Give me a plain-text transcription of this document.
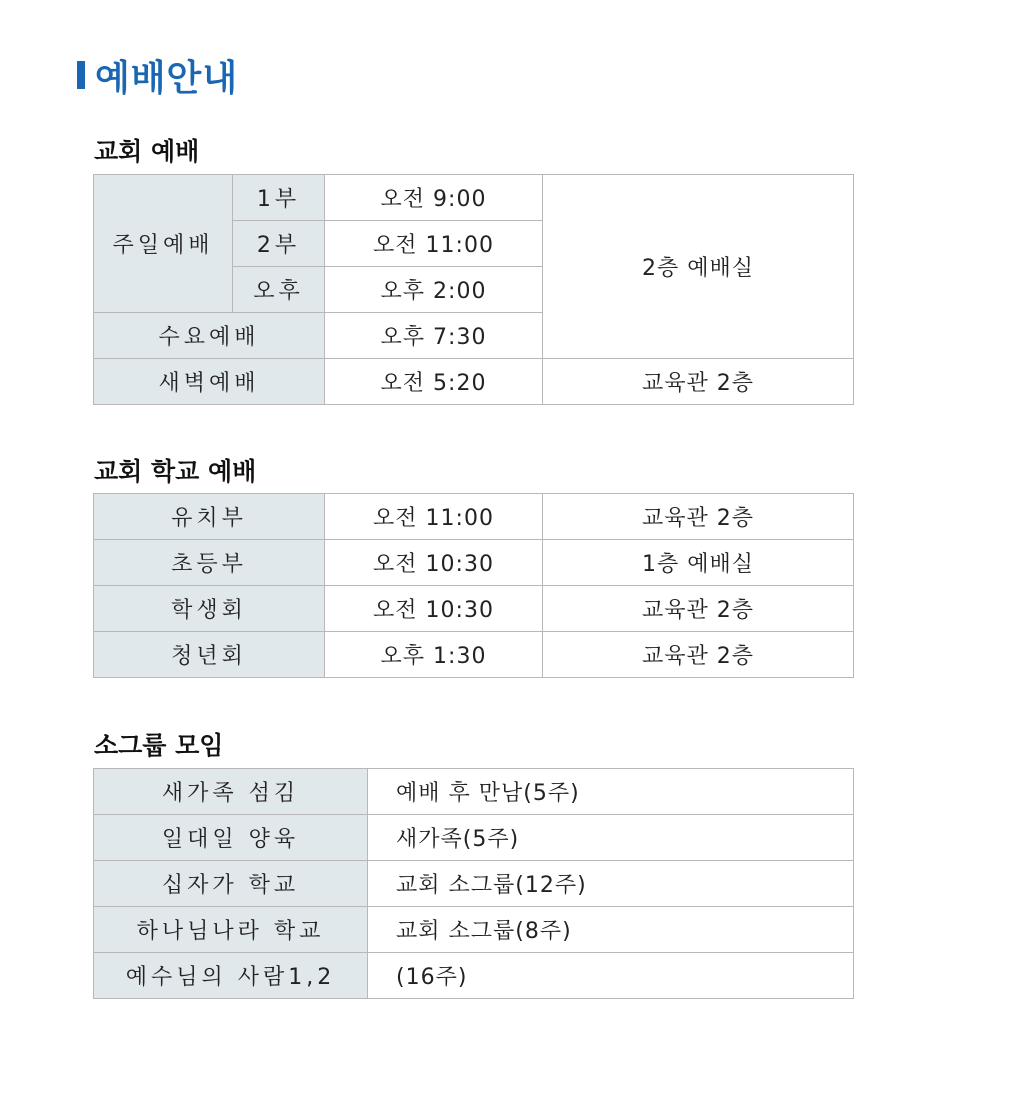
예배안내
교회 예배
주일예배	1부	오전 9:00	2층 예배실
	2부	오전 11:00	
	오후	오후 2:00	
수요예배		오후 7:30	
새벽예배		오전 5:20	교육관 2층
교회 학교 예배
유치부	오전 11:00	교육관 2층
초등부	오전 10:30	1층 예배실
학생회	오전 10:30	교육관 2층
청년회	오후 1:30	교육관 2층
소그룹 모임
새가족 섬김	예배 후 만남(5주)
일대일 양육	새가족(5주)
십자가 학교	교회 소그룹(12주)
하나님나라 학교	교회 소그룹(8주)
예수님의 사람1,2	(16주)
